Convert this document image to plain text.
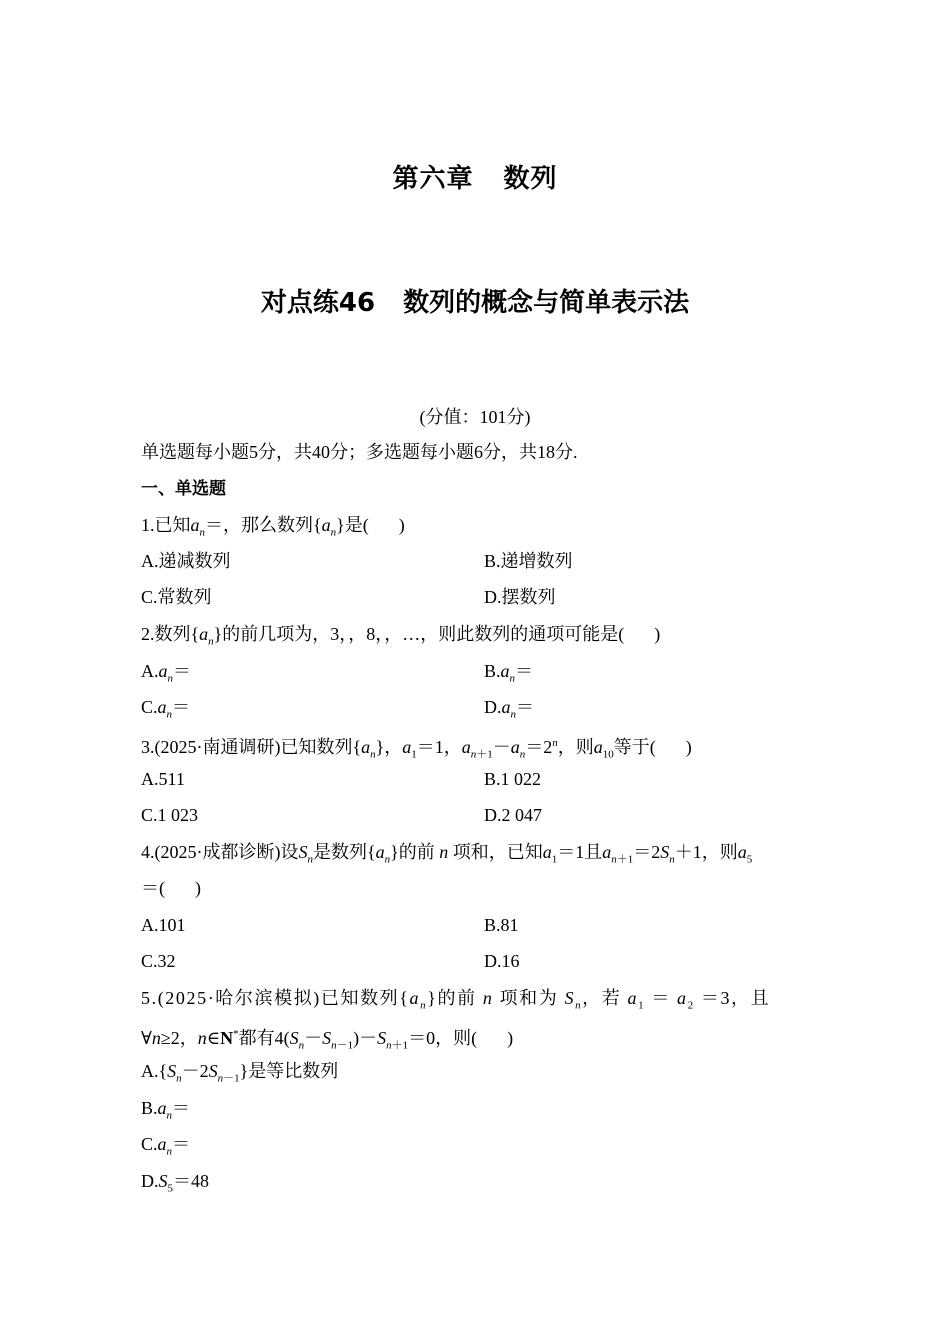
第六章 数列
对点练46 数列的概念与简单表示法
(分值：101分)
单选题每小题5分，共40分；多选题每小题6分，共18分.
一、单选题
1.已知$a_n=$，那么数列$\{a_n\}$是( )
A.递减数列	B.递增数列
C.常数列	D.摆数列
2.数列$\{a_n\}$的前几项为，3，，8，，…，则此数列的通项可能是( )
$A.a_n=$	$B.a_n=$
$C.a_n=$	$D.a_n=$
3.(2025·南通调研)已知数列$\{a_n\}$，$a_1=1$，$a_{n+1}-a_n=2^n$，则$a_{10}$等于( )
A.511	B.1 022
C.1 023	D.2 047
4.(2025·成都诊断)设$S_n$是数列$\{a_n\}$的前 n 项和，已知$a_1=1$且$a_{n+1}=2S_n+1$，则$a_5$
＝( )
A.101	B.81
C.32	D.16
5.(2025·哈尔滨模拟)已知数列$\{a_n\}$的前 n 项和为 $S_n$，若 $a_1 = a_2 =3$，且
∀n≥2，n∈N*都有$4(S_n-S_{n-1})-S_{n+1}=0$，则( )
$A.\{S_n-2S_{n-1}\}$是等比数列
$B.a_n=$
$C.a_n=$
$D.S_5=48$
